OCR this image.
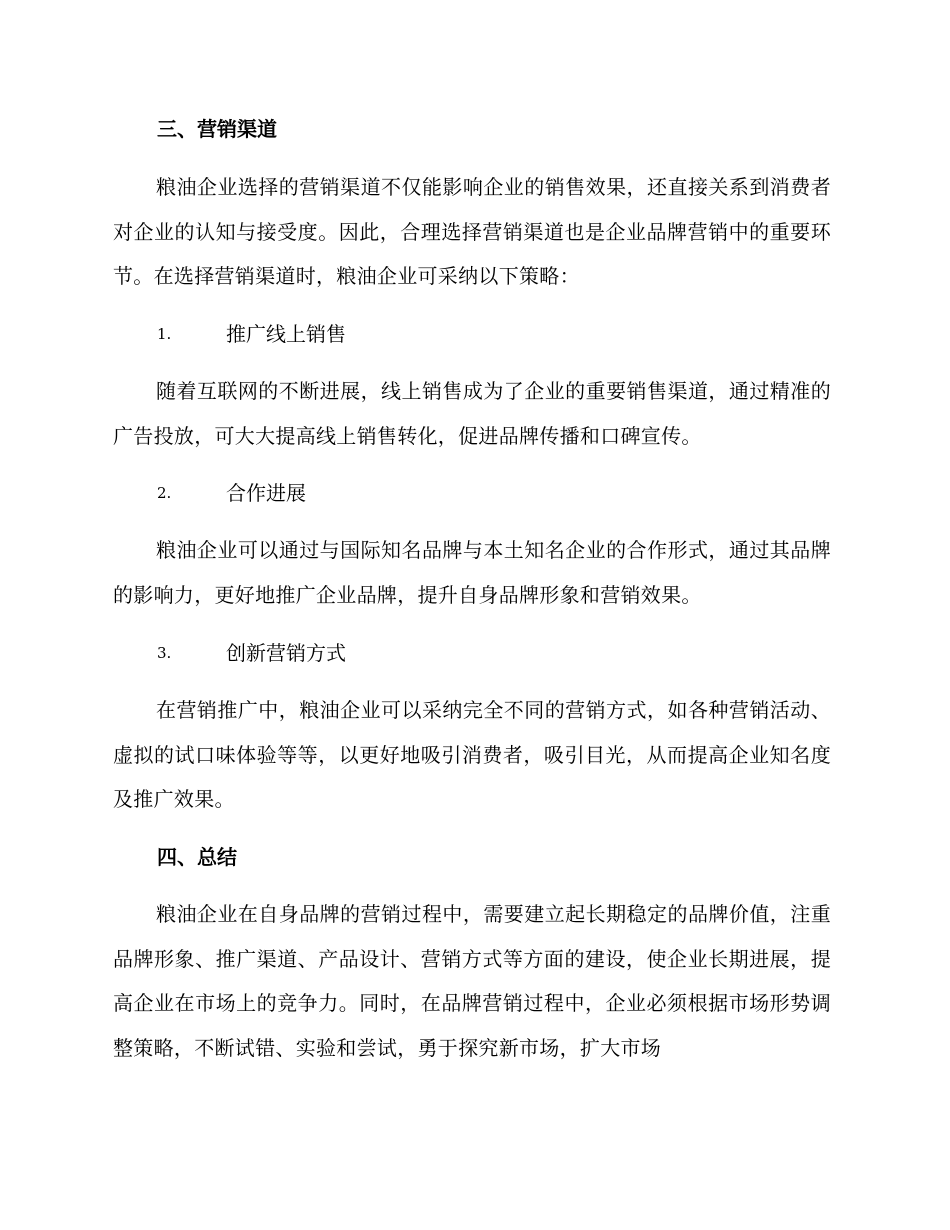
三、营销渠道
粮油企业选择的营销渠道不仅能影响企业的销售效果，还直接关系到消费者对企业的认知与接受度。因此，合理选择营销渠道也是企业品牌营销中的重要环节。在选择营销渠道时，粮油企业可采纳以下策略：
1.	推广线上销售
随着互联网的不断进展，线上销售成为了企业的重要销售渠道，通过精准的广告投放，可大大提高线上销售转化，促进品牌传播和口碑宣传。
2.	合作进展
粮油企业可以通过与国际知名品牌与本土知名企业的合作形式，通过其品牌的影响力，更好地推广企业品牌，提升自身品牌形象和营销效果。
3.	创新营销方式
在营销推广中，粮油企业可以采纳完全不同的营销方式，如各种营销活动、虚拟的试口味体验等等，以更好地吸引消费者，吸引目光，从而提高企业知名度及推广效果。
四、总结
粮油企业在自身品牌的营销过程中，需要建立起长期稳定的品牌价值，注重品牌形象、推广渠道、产品设计、营销方式等方面的建设，使企业长期进展，提高企业在市场上的竞争力。同时，在品牌营销过程中，企业必须根据市场形势调整策略，不断试错、实验和尝试，勇于探究新市场，扩大市场
